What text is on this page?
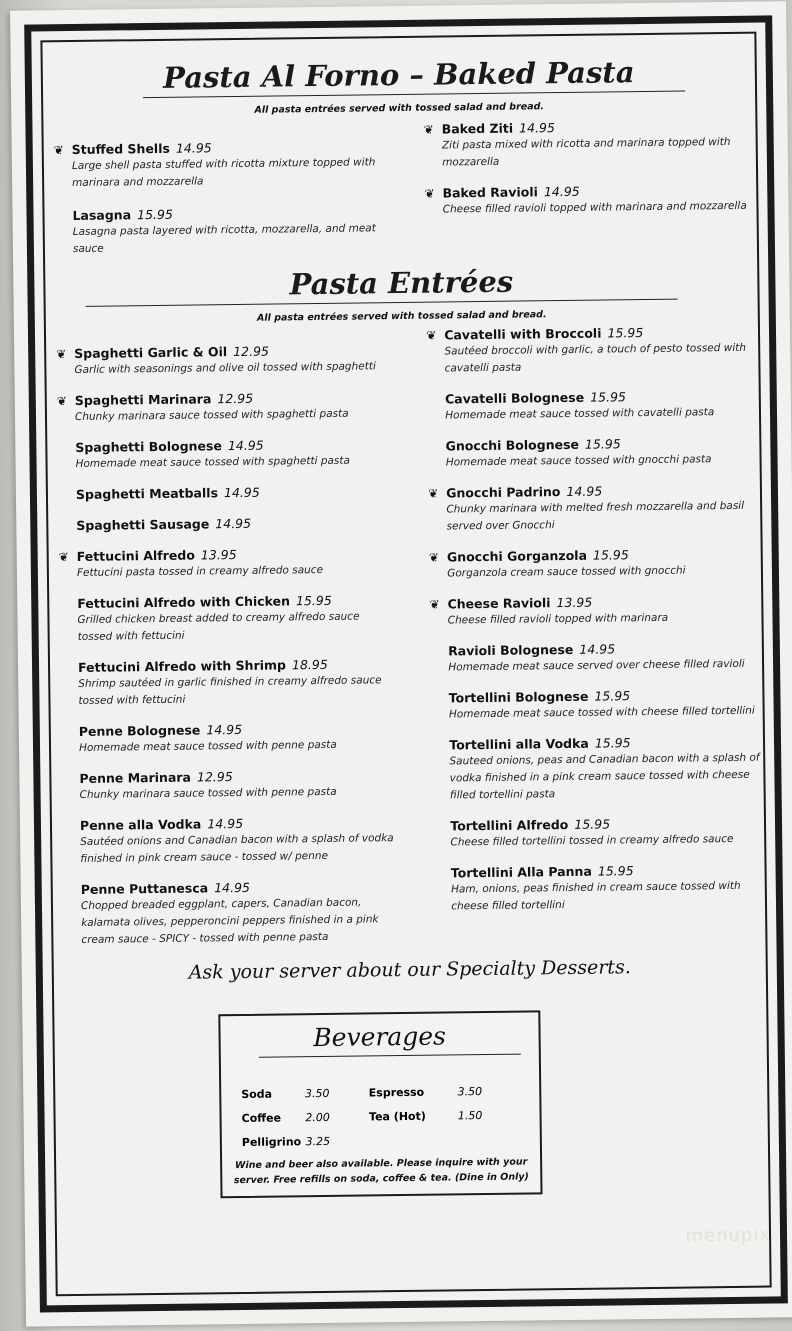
Pasta Al Forno – Baked Pasta

All pasta entrées served with tossed salad and bread.

❦ Stuffed Shells 14.95
Large shell pasta stuffed with ricotta mixture topped with marinara and mozzarella
Lasagna 15.95
Lasagna pasta layered with ricotta, mozzarella, and meat sauce
❦ Baked Ziti 14.95
Ziti pasta mixed with ricotta and marinara topped with mozzarella
❦ Baked Ravioli 14.95
Cheese filled ravioli topped with marinara and mozzarella
Pasta Entrées

All pasta entrées served with tossed salad and bread.

❦ Spaghetti Garlic & Oil 12.95
Garlic with seasonings and olive oil tossed with spaghetti
❦ Spaghetti Marinara 12.95
Chunky marinara sauce tossed with spaghetti pasta
Spaghetti Bolognese 14.95
Homemade meat sauce tossed with spaghetti pasta
Spaghetti Meatballs 14.95
Spaghetti Sausage 14.95
❦ Fettucini Alfredo 13.95
Fettucini pasta tossed in creamy alfredo sauce
Fettucini Alfredo with Chicken 15.95
Grilled chicken breast added to creamy alfredo sauce tossed with fettucini
Fettucini Alfredo with Shrimp 18.95
Shrimp sautéed in garlic finished in creamy alfredo sauce tossed with fettucini
Penne Bolognese 14.95
Homemade meat sauce tossed with penne pasta
Penne Marinara 12.95
Chunky marinara sauce tossed with penne pasta
Penne alla Vodka 14.95
Sautéed onions and Canadian bacon with a splash of vodka finished in pink cream sauce - tossed w/ penne
Penne Puttanesca 14.95
Chopped breaded eggplant, capers, Canadian bacon, kalamata olives, pepperoncini peppers finished in a pink cream sauce - SPICY - tossed with penne pasta
❦ Cavatelli with Broccoli 15.95
Sautéed broccoli with garlic, a touch of pesto tossed with cavatelli pasta
Cavatelli Bolognese 15.95
Homemade meat sauce tossed with cavatelli pasta
Gnocchi Bolognese 15.95
Homemade meat sauce tossed with gnocchi pasta
❦ Gnocchi Padrino 14.95
Chunky marinara with melted fresh mozzarella and basil served over Gnocchi
❦ Gnocchi Gorganzola 15.95
Gorganzola cream sauce tossed with gnocchi
❦ Cheese Ravioli 13.95
Cheese filled ravioli topped with marinara
Ravioli Bolognese 14.95
Homemade meat sauce served over cheese filled ravioli
Tortellini Bolognese 15.95
Homemade meat sauce tossed with cheese filled tortellini
Tortellini alla Vodka 15.95
Sauteed onions, peas and Canadian bacon with a splash of vodka finished in a pink cream sauce tossed with cheese filled tortellini pasta
Tortellini Alfredo 15.95
Cheese filled tortellini tossed in creamy alfredo sauce
Tortellini Alla Panna 15.95
Ham, onions, peas finished in cream sauce tossed with cheese filled tortellini

Ask your server about our Specialty Desserts.

Beverages

Soda	3.50	Espresso	3.50
Coffee	2.00	Tea (Hot)	1.50
Pelligrino 3.25
Wine and beer also available. Please inquire with your server. Free refills on soda, coffee & tea. (Dine in Only)
menupix
